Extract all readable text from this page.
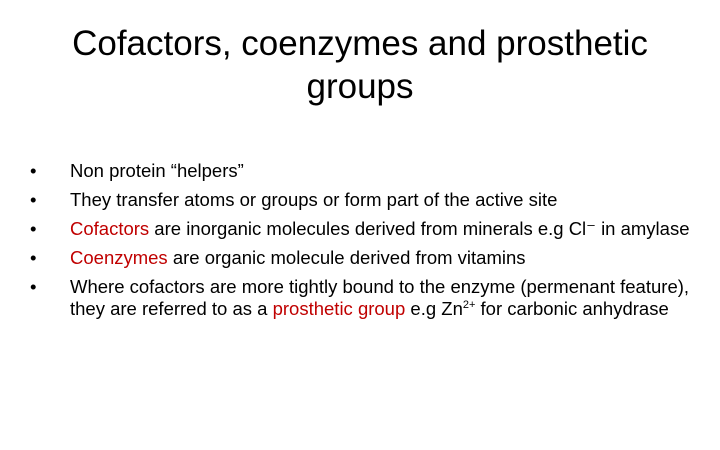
Cofactors, coenzymes and prosthetic
groups
•	Non protein “helpers”
•	They transfer atoms or groups or form part of the active site
•	Cofactors are inorganic molecules derived from minerals e.g Cl⁻ in amylase
•	Coenzymes are organic molecule derived from vitamins
•	Where cofactors are more tightly bound to the enzyme (permenant feature), they are referred to as a prosthetic group e.g $Zn^{2+}$ for carbonic anhydrase
